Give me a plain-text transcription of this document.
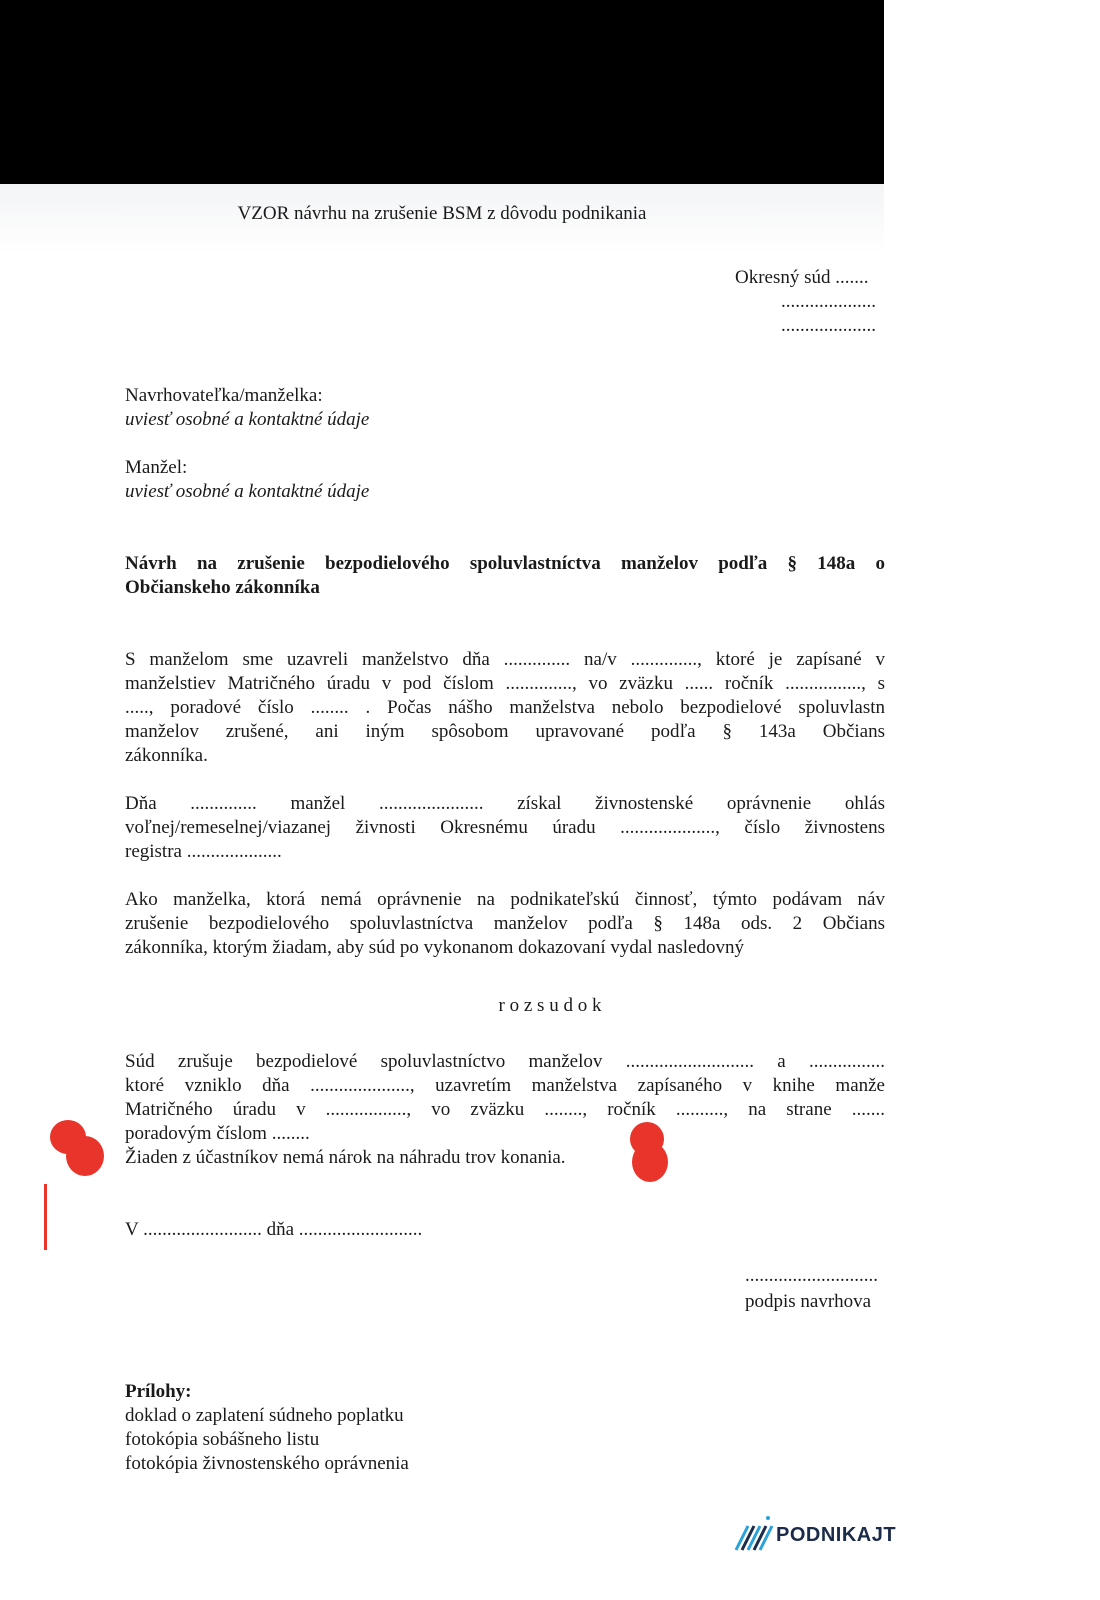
VZOR návrhu na zrušenie BSM z dôvodu podnikania
Okresný súd .......
....................
....................
Navrhovateľka/manželka:
uviesť osobné a kontaktné údaje
Manžel:
uviesť osobné a kontaktné údaje
Návrh na zrušenie bezpodielového spoluvlastníctva manželov podľa § 148a o
Občianskeho zákonníka
S manželom sme uzavreli manželstvo dňa .............. na/v .............., ktoré je zapísané v
manželstiev Matričného úradu v pod číslom .............., vo zväzku ...... ročník ................, s
....., poradové číslo ........ . Počas nášho manželstva nebolo bezpodielové spoluvlastn
manželov zrušené, ani iným spôsobom upravované podľa § 143a Občians
zákonníka.
Dňa .............. manžel ...................... získal živnostenské oprávnenie ohlás
voľnej/remeselnej/viazanej živnosti Okresnému úradu ...................., číslo živnostens
registra ....................
Ako manželka, ktorá nemá oprávnenie na podnikateľskú činnosť, týmto podávam náv
zrušenie bezpodielového spoluvlastníctva manželov podľa § 148a ods. 2 Občians
zákonníka, ktorým žiadam, aby súd po vykonanom dokazovaní vydal nasledovný
r o z s u d o k
Súd zrušuje bezpodielové spoluvlastníctvo manželov ........................... a ................
ktoré vzniklo dňa ....................., uzavretím manželstva zapísaného v knihe manže
Matričného úradu v ................., vo zväzku ........, ročník .........., na strane .......
poradovým číslom ........
Žiaden z účastníkov nemá nárok na náhradu trov konania.
V ......................... dňa ..........................
............................
podpis navrhova
Prílohy:
doklad o zaplatení súdneho poplatku
fotokópia sobášneho listu
fotokópia živnostenského oprávnenia
PODNIKAJT
